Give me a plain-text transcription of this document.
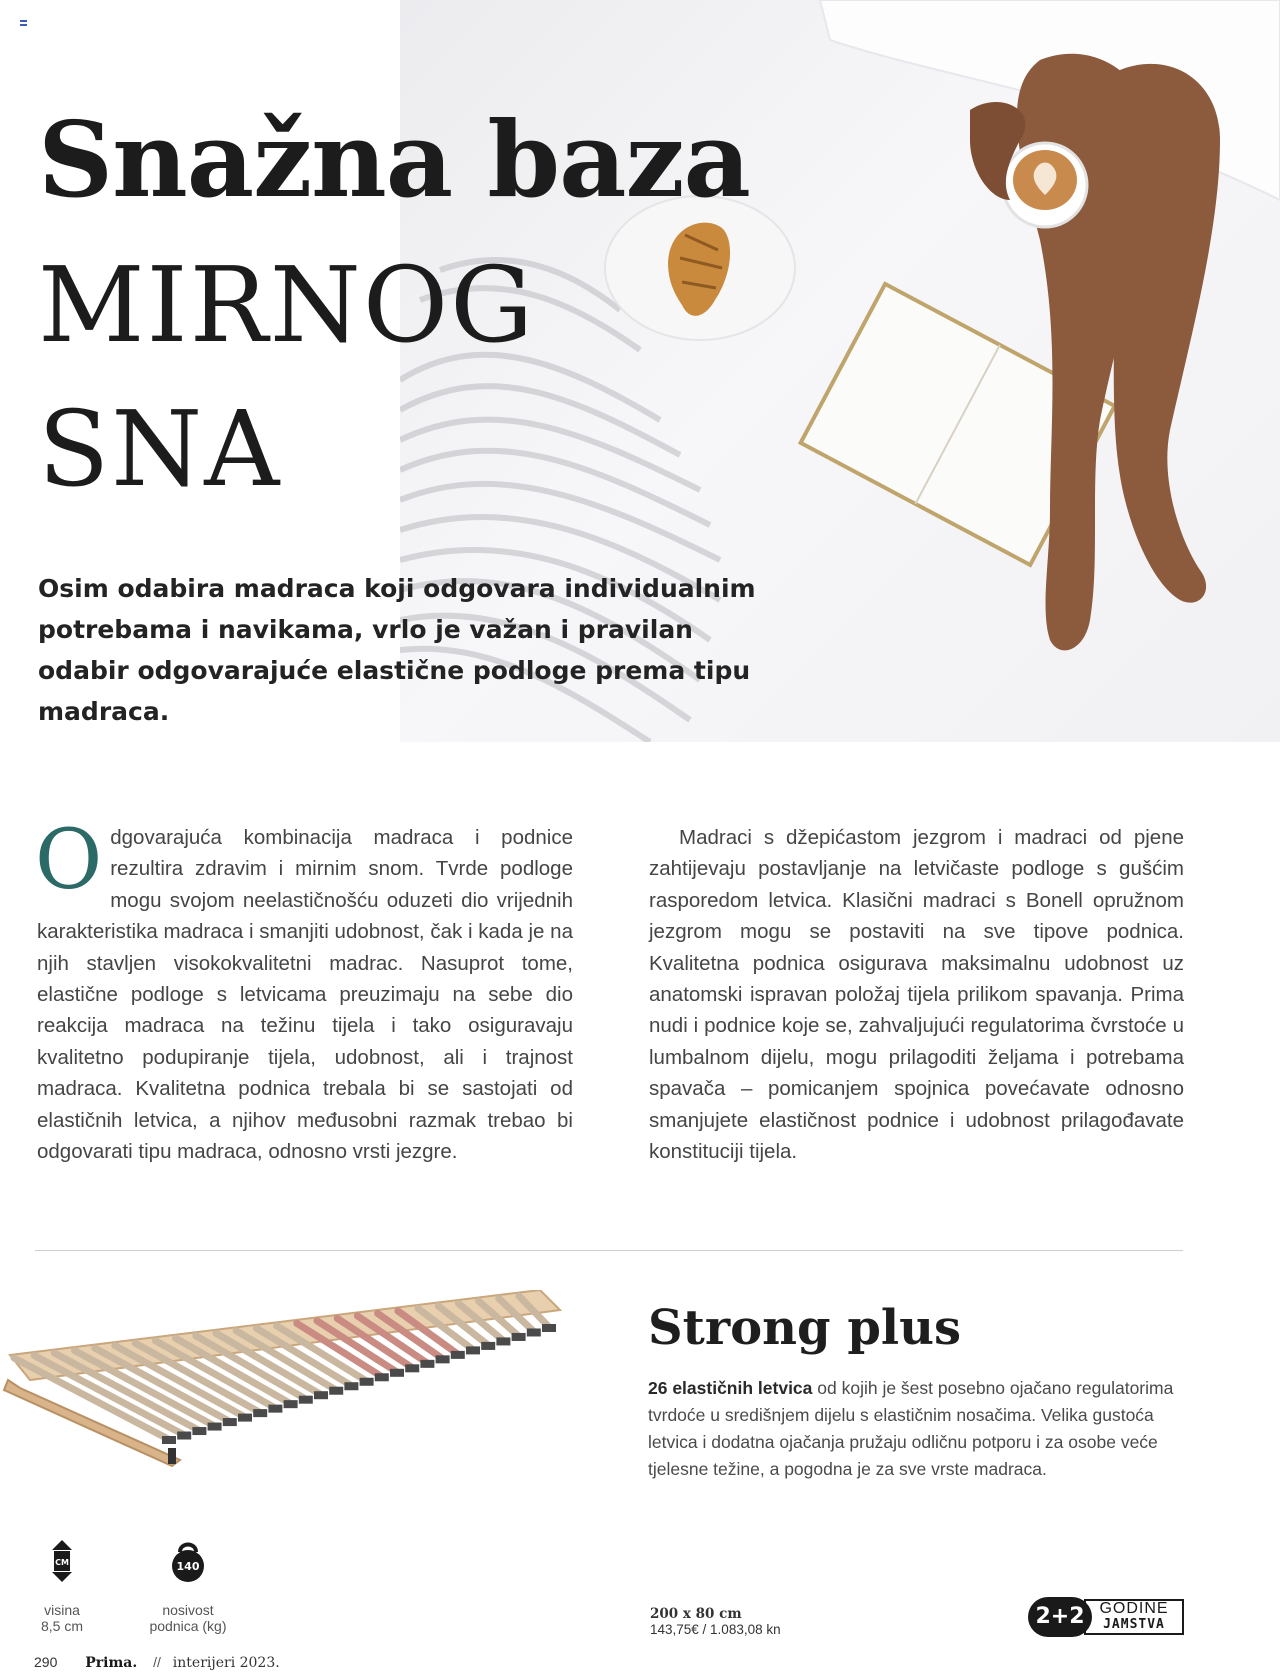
Snažna baza
MIRNOG
SNA

Osim odabira madraca koji odgovara individualnim potrebama i navikama, vrlo je važan i pravilan odabir odgovarajuće elastične podloge prema tipu madraca.

O dgovarajuća kombinacija madraca i podnice rezultira zdravim i mirnim snom. Tvrde podloge mogu svojom neelastičnošću oduzeti dio vrijednih karakteristika madraca i smanjiti udobnost, čak i kada je na njih stavljen visokokvalitetni madrac. Nasuprot tome, elastične podloge s letvicama preuzimaju na sebe dio reakcija madraca na težinu tijela i tako osiguravaju kvalitetno podupiranje tijela, udobnost, ali i trajnost madraca. Kvalitetna podnica trebala bi se sastojati od elastičnih letvica, a njihov međusobni razmak trebao bi odgovarati tipu madraca, odnosno vrsti jezgre.

Madraci s džepićastom jezgrom i madraci od pjene zahtijevaju postavljanje na letvičaste podloge s gušćim rasporedom letvica. Klasični madraci s Bonell opružnom jezgrom mogu se postaviti na sve tipove podnica. Kvalitetna podnica osigurava maksimalnu udobnost uz anatomski ispravan položaj tijela prilikom spavanja. Prima nudi i podnice koje se, zahvaljujući regulatorima čvrstoće u lumbalnom dijelu, mogu prilagoditi željama i potrebama spavača – pomicanjem spojnica povećavate odnosno smanjujete elastičnost podnice i udobnost prilagođavate konstituciji tijela.

Strong plus

26 elastičnih letvica od kojih je šest posebno ojačano regulatorima tvrdoće u središnjem dijelu s elastičnim nosačima. Velika gustoća letvica i dodatna ojačanja pružaju odličnu potporu i za osobe veće tjelesne težine, a pogodna je za sve vrste madraca.

CM
visina
8,5 cm
140
nosivost
podnica (kg)
200 x 80 cm
143,75€ / 1.083,08 kn
2+2 GODINE
JAMSTVA
290 Prima. // interijeri 2023.
